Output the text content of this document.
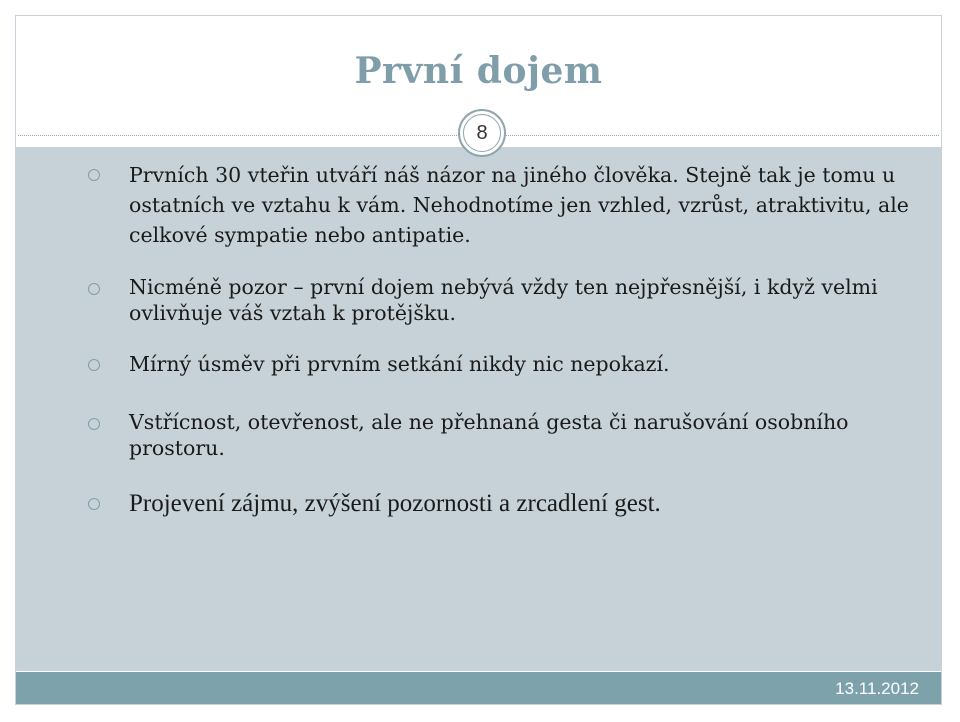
První dojem
8
Prvních 30 vteřin utváří náš názor na jiného člověka. Stejně tak je tomu u ostatních ve vztahu k vám. Nehodnotíme jen vzhled, vzrůst, atraktivitu, ale celkové sympatie nebo antipatie.
Nicméně pozor – první dojem nebývá vždy ten nejpřesnější, i když velmi ovlivňuje váš vztah k protějšku.
Mírný úsměv při prvním setkání nikdy nic nepokazí.
Vstřícnost, otevřenost, ale ne přehnaná gesta či narušování osobního prostoru.
Projevení zájmu, zvýšení pozornosti a zrcadlení gest.
13.11.2012
